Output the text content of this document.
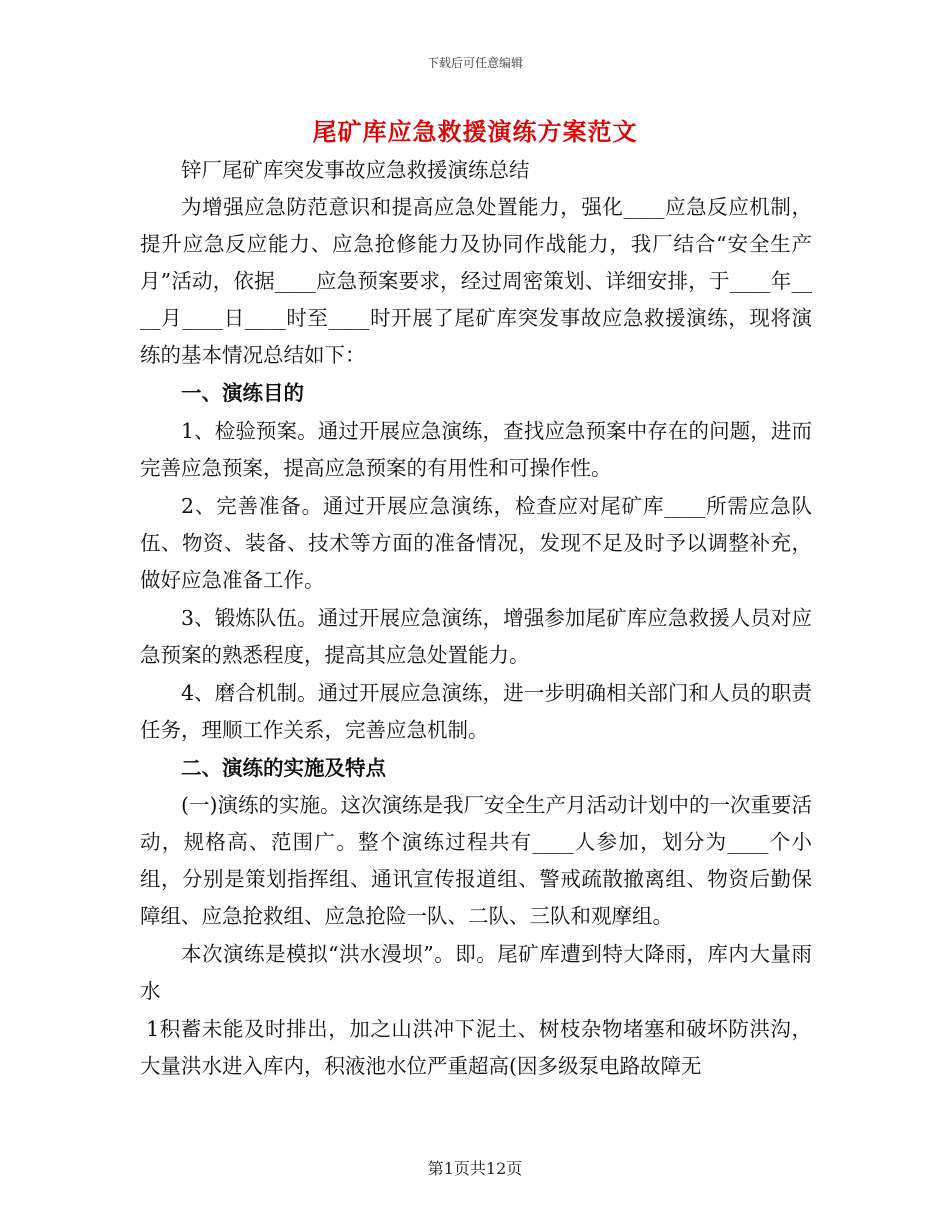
下载后可任意编辑
尾矿库应急救援演练方案范文

锌厂尾矿库突发事故应急救援演练总结

为增强应急防范意识和提高应急处置能力，强化____应急反应机制，提升应急反应能力、应急抢修能力及协同作战能力，我厂结合“安全生产月”活动，依据____应急预案要求，经过周密策划、详细安排，于____年____月____日____时至____时开展了尾矿库突发事故应急救援演练，现将演练的基本情况总结如下：

一、演练目的

1、检验预案。通过开展应急演练，查找应急预案中存在的问题，进而完善应急预案，提高应急预案的有用性和可操作性。

2、完善准备。通过开展应急演练，检查应对尾矿库____所需应急队伍、物资、装备、技术等方面的准备情况，发现不足及时予以调整补充，做好应急准备工作。

3、锻炼队伍。通过开展应急演练，增强参加尾矿库应急救援人员对应急预案的熟悉程度，提高其应急处置能力。

4、磨合机制。通过开展应急演练，进一步明确相关部门和人员的职责任务，理顺工作关系，完善应急机制。

二、演练的实施及特点

(一)演练的实施。这次演练是我厂安全生产月活动计划中的一次重要活动，规格高、范围广。整个演练过程共有____人参加，划分为____个小组，分别是策划指挥组、通讯宣传报道组、警戒疏散撤离组、物资后勤保障组、应急抢救组、应急抢险一队、二队、三队和观摩组。

本次演练是模拟“洪水漫坝”。即。尾矿库遭到特大降雨，库内大量雨水

1积蓄未能及时排出，加之山洪冲下泥土、树枝杂物堵塞和破坏防洪沟，大量洪水进入库内，积液池水位严重超高(因多级泵电路故障无

第1页共12页
